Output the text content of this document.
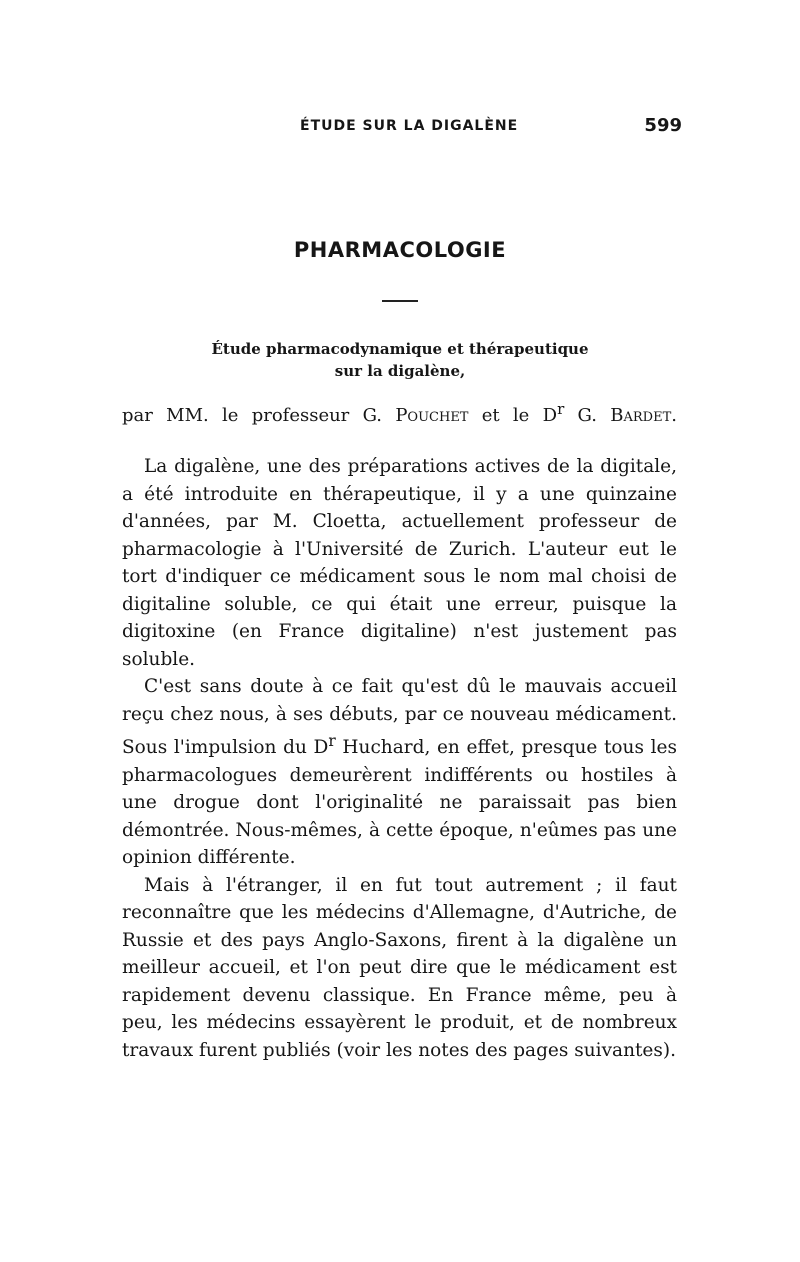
ÉTUDE SUR LA DIGALÈNE	599
PHARMACOLOGIE
Étude pharmacodynamique et thérapeutique
sur la digalène,
par MM. le professeur G. Pouchet et le $D^r$ G. Bardet.

La digalène, une des préparations actives de la digitale, a été introduite en thérapeutique, il y a une quinzaine d'années, par M. Cloetta, actuellement professeur de pharmacologie à l'Université de Zurich. L'auteur eut le tort d'indiquer ce médicament sous le nom mal choisi de digitaline soluble, ce qui était une erreur, puisque la digitoxine (en France digitaline) n'est justement pas soluble.

C'est sans doute à ce fait qu'est dû le mauvais accueil reçu chez nous, à ses débuts, par ce nouveau médicament. Sous l'impulsion du $D^r$ Huchard, en effet, presque tous les pharmacologues demeurèrent indifférents ou hostiles à une drogue dont l'originalité ne paraissait pas bien démontrée. Nous-mêmes, à cette époque, n'eûmes pas une opinion différente.

Mais à l'étranger, il en fut tout autrement ; il faut reconnaître que les médecins d'Allemagne, d'Autriche, de Russie et des pays Anglo-Saxons, firent à la digalène un meilleur accueil, et l'on peut dire que le médicament est rapidement devenu classique. En France même, peu à peu, les médecins essayèrent le produit, et de nombreux travaux furent publiés (voir les notes des pages suivantes).
